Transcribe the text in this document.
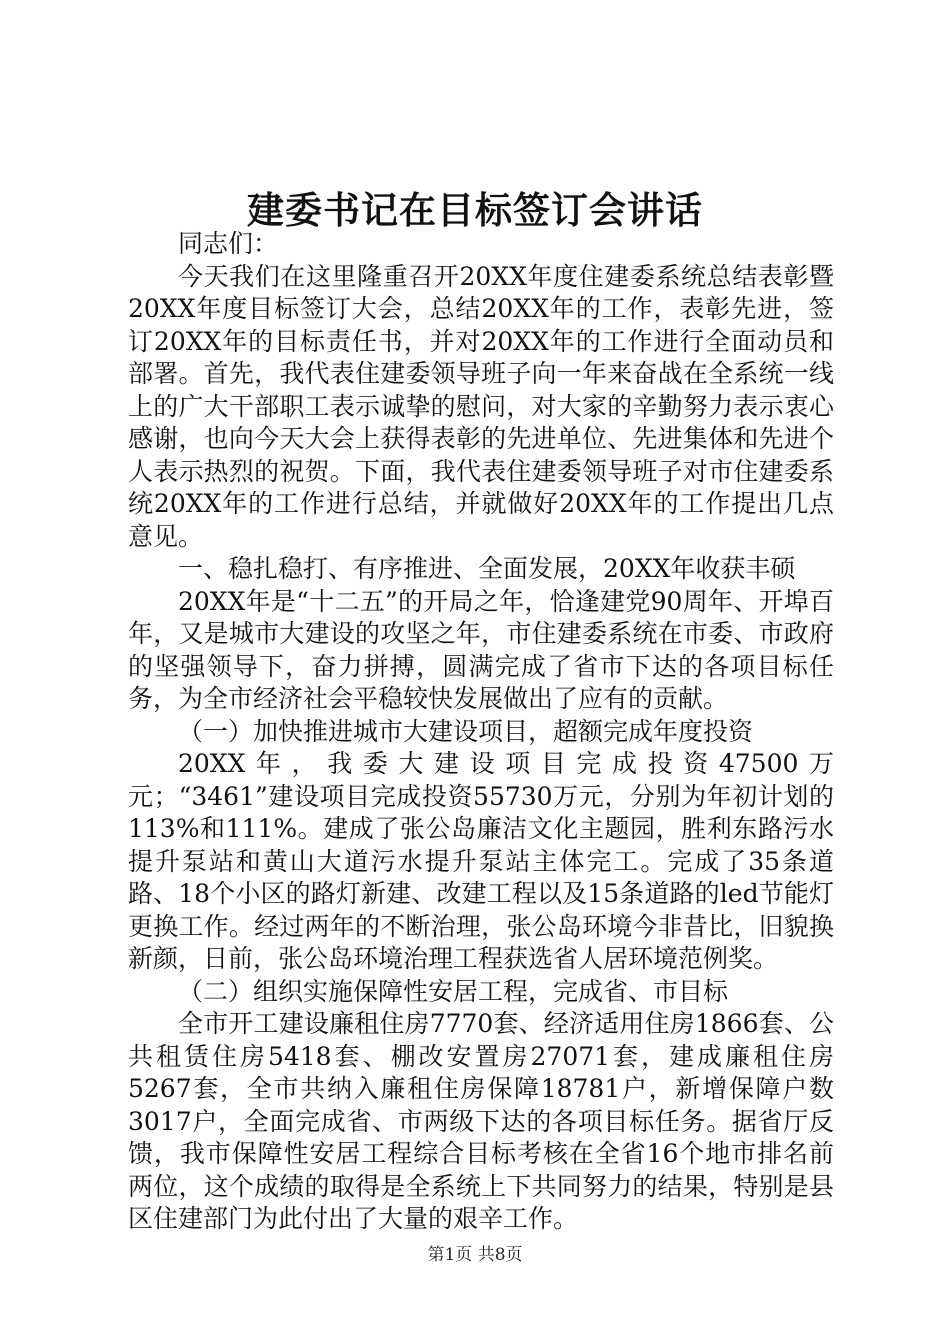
建委书记在目标签订会讲话

同志们：

今天我们在这里隆重召开20XX年度住建委系统总结表彰暨20XX年度目标签订大会，总结20XX年的工作，表彰先进，签订20XX年的目标责任书，并对20XX年的工作进行全面动员和部署。首先，我代表住建委领导班子向一年来奋战在全系统一线上的广大干部职工表示诚挚的慰问，对大家的辛勤努力表示衷心感谢，也向今天大会上获得表彰的先进单位、先进集体和先进个人表示热烈的祝贺。下面，我代表住建委领导班子对市住建委系统20XX年的工作进行总结，并就做好20XX年的工作提出几点意见。

一、稳扎稳打、有序推进、全面发展，20XX年收获丰硕

20XX年是“十二五”的开局之年，恰逢建党90周年、开埠百年，又是城市大建设的攻坚之年，市住建委系统在市委、市政府的坚强领导下，奋力拼搏，圆满完成了省市下达的各项目标任务，为全市经济社会平稳较快发展做出了应有的贡献。

（一）加快推进城市大建设项目，超额完成年度投资

20XX年，我委大建设项目完成投资47500万元；“3461”建设项目完成投资55730万元，分别为年初计划的113%和111%。建成了张公岛廉洁文化主题园，胜利东路污水提升泵站和黄山大道污水提升泵站主体完工。完成了35条道路、18个小区的路灯新建、改建工程以及15条道路的led节能灯更换工作。经过两年的不断治理，张公岛环境今非昔比，旧貌换新颜，日前，张公岛环境治理工程获选省人居环境范例奖。

（二）组织实施保障性安居工程，完成省、市目标

全市开工建设廉租住房7770套、经济适用住房1866套、公共租赁住房5418套、棚改安置房27071套，建成廉租住房5267套，全市共纳入廉租住房保障18781户，新增保障户数3017户，全面完成省、市两级下达的各项目标任务。据省厅反馈，我市保障性安居工程综合目标考核在全省16个地市排名前两位，这个成绩的取得是全系统上下共同努力的结果，特别是县区住建部门为此付出了大量的艰辛工作。

第1页 共8页
